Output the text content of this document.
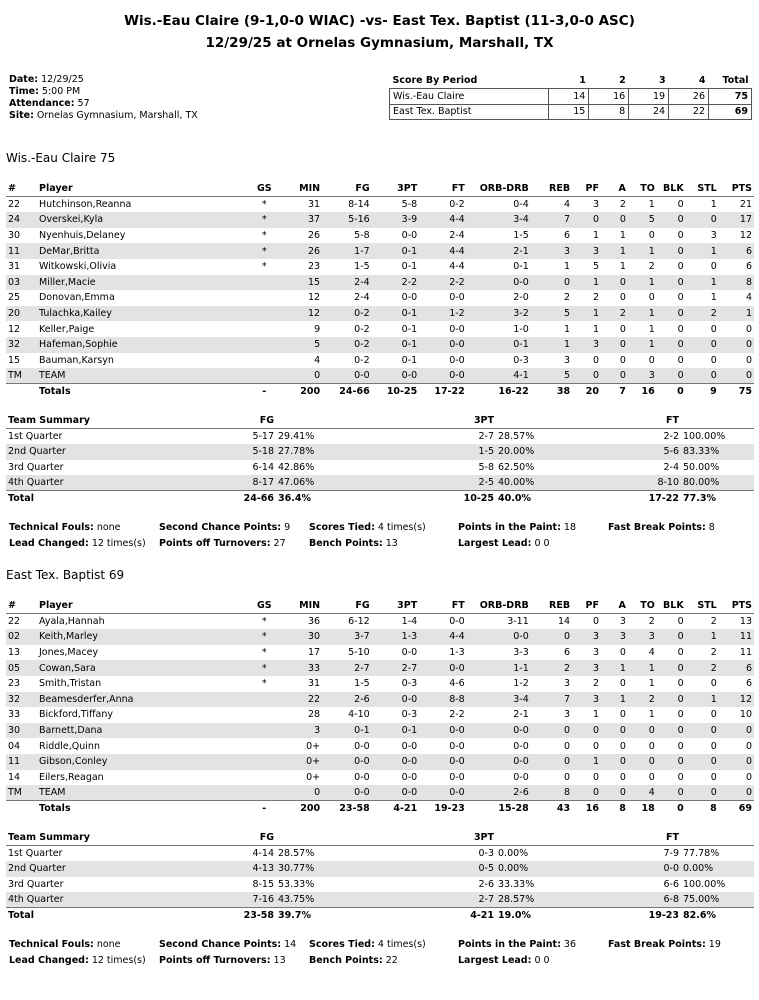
Wis.-Eau Claire (9-1,0-0 WIAC) -vs- East Tex. Baptist (11-3,0-0 ASC)
12/29/25 at Ornelas Gymnasium, Marshall, TX
Date: 12/29/25
Time: 5:00 PM
Attendance: 57
Site: Ornelas Gymnasium, Marshall, TX
Score By Period	1	2	3	4	Total
Wis.-Eau Claire	14	16	19	26	75
East Tex. Baptist	15	8	24	22	69
Wis.-Eau Claire 75
#	Player	GS	MIN	FG	3PT	FT	ORB-DRB	REB	PF	A	TO	BLK	STL	PTS
22	Hutchinson,Reanna	*	31	8-14	5-8	0-2	0-4	4	3	2	1	0	1	21
24	Overskei,Kyla	*	37	5-16	3-9	4-4	3-4	7	0	0	5	0	0	17
30	Nyenhuis,Delaney	*	26	5-8	0-0	2-4	1-5	6	1	1	0	0	3	12
11	DeMar,Britta	*	26	1-7	0-1	4-4	2-1	3	3	1	1	0	1	6
31	Witkowski,Olivia	*	23	1-5	0-1	4-4	0-1	1	5	1	2	0	0	6
03	Miller,Macie		15	2-4	2-2	2-2	0-0	0	1	0	1	0	1	8
25	Donovan,Emma		12	2-4	0-0	0-0	2-0	2	2	0	0	0	1	4
20	Tulachka,Kailey		12	0-2	0-1	1-2	3-2	5	1	2	1	0	2	1
12	Keller,Paige		9	0-2	0-1	0-0	1-0	1	1	0	1	0	0	0
32	Hafeman,Sophie		5	0-2	0-1	0-0	0-1	1	3	0	1	0	0	0
15	Bauman,Karsyn		4	0-2	0-1	0-0	0-3	3	0	0	0	0	0	0
TM	TEAM		0	0-0	0-0	0-0	4-1	5	0	0	3	0	0	0
	Totals	-	200	24-66	10-25	17-22	16-22	38	20	7	16	0	9	75
Team Summary	FG		3PT		FT	
1st Quarter	5-17	29.41%	2-7	28.57%	2-2	100.00%
2nd Quarter	5-18	27.78%	1-5	20.00%	5-6	83.33%
3rd Quarter	6-14	42.86%	5-8	62.50%	2-4	50.00%
4th Quarter	8-17	47.06%	2-5	40.00%	8-10	80.00%
Total	24-66	36.4%	10-25	40.0%	17-22	77.3%
Technical Fouls: none	Second Chance Points: 9 Scores Tied: 4 times(s)	Points in the Paint: 18	Fast Break Points: 8
Lead Changed: 12 times(s) Points off Turnovers: 27 Bench Points: 13	Largest Lead: 0 0
East Tex. Baptist 69
#	Player	GS	MIN	FG	3PT	FT	ORB-DRB	REB	PF	A	TO	BLK	STL	PTS
22	Ayala,Hannah	*	36	6-12	1-4	0-0	3-11	14	0	3	2	0	2	13
02	Keith,Marley	*	30	3-7	1-3	4-4	0-0	0	3	3	3	0	1	11
13	Jones,Macey	*	17	5-10	0-0	1-3	3-3	6	3	0	4	0	2	11
05	Cowan,Sara	*	33	2-7	2-7	0-0	1-1	2	3	1	1	0	2	6
23	Smith,Tristan	*	31	1-5	0-3	4-6	1-2	3	2	0	1	0	0	6
32	Beamesderfer,Anna		22	2-6	0-0	8-8	3-4	7	3	1	2	0	1	12
33	Bickford,Tiffany		28	4-10	0-3	2-2	2-1	3	1	0	1	0	0	10
30	Barnett,Dana		3	0-1	0-1	0-0	0-0	0	0	0	0	0	0	0
04	Riddle,Quinn		0+	0-0	0-0	0-0	0-0	0	0	0	0	0	0	0
11	Gibson,Conley		0+	0-0	0-0	0-0	0-0	0	1	0	0	0	0	0
14	Eilers,Reagan		0+	0-0	0-0	0-0	0-0	0	0	0	0	0	0	0
TM	TEAM		0	0-0	0-0	0-0	2-6	8	0	0	4	0	0	0
	Totals	-	200	23-58	4-21	19-23	15-28	43	16	8	18	0	8	69
Team Summary	FG		3PT		FT	
1st Quarter	4-14	28.57%	0-3	0.00%	7-9	77.78%
2nd Quarter	4-13	30.77%	0-5	0.00%	0-0	0.00%
3rd Quarter	8-15	53.33%	2-6	33.33%	6-6	100.00%
4th Quarter	7-16	43.75%	2-7	28.57%	6-8	75.00%
Total	23-58	39.7%	4-21	19.0%	19-23	82.6%
Technical Fouls: none	Second Chance Points: 14 Scores Tied: 4 times(s)	Points in the Paint: 36	Fast Break Points: 19
Lead Changed: 12 times(s) Points off Turnovers: 13 Bench Points: 22	Largest Lead: 0 0
